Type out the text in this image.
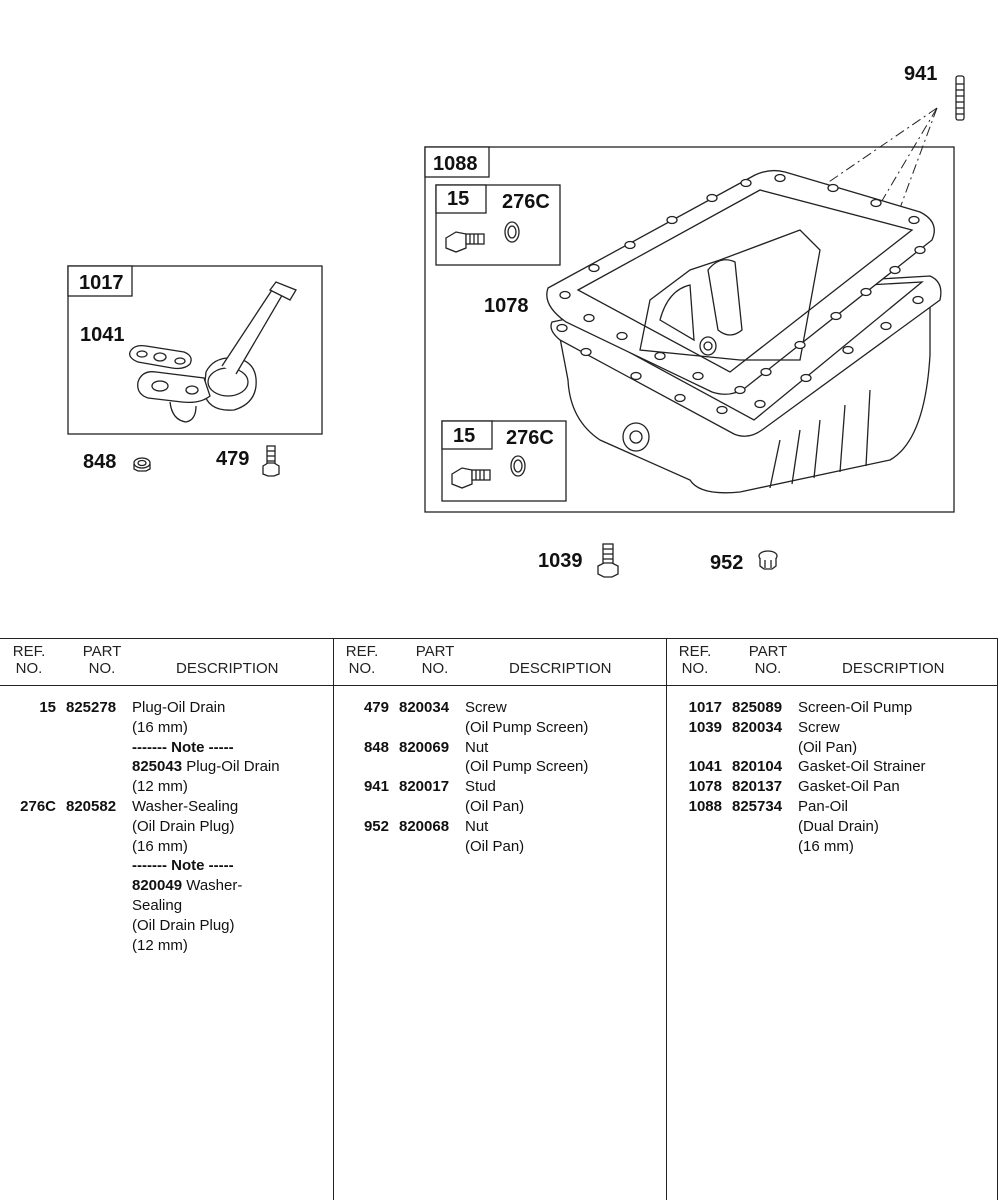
941
1088
15 276C
1078
15 276C
1039	952
1017
1041
848	479
REF.
NO.
PART
NO.	DESCRIPTION
15 825278	Plug-Oil Drain
(16 mm)
------- Note -----
825043 Plug-Oil Drain
(12 mm)
276C 820582	Washer-Sealing
(Oil Drain Plug)
(16 mm)
------- Note -----
820049 Washer-
Sealing
(Oil Drain Plug)
(12 mm)
REF.
NO.
PART
NO.	DESCRIPTION
479 820034	Screw
(Oil Pump Screen)
848 820069	Nut
(Oil Pump Screen)
941 820017	Stud
(Oil Pan)
952 820068	Nut
(Oil Pan)
REF.
NO.
PART
NO.	DESCRIPTION
1017 825089	Screen-Oil Pump
1039 820034	Screw
(Oil Pan)
1041 820104	Gasket-Oil Strainer
1078 820137	Gasket-Oil Pan
1088 825734	Pan-Oil
(Dual Drain)
(16 mm)
